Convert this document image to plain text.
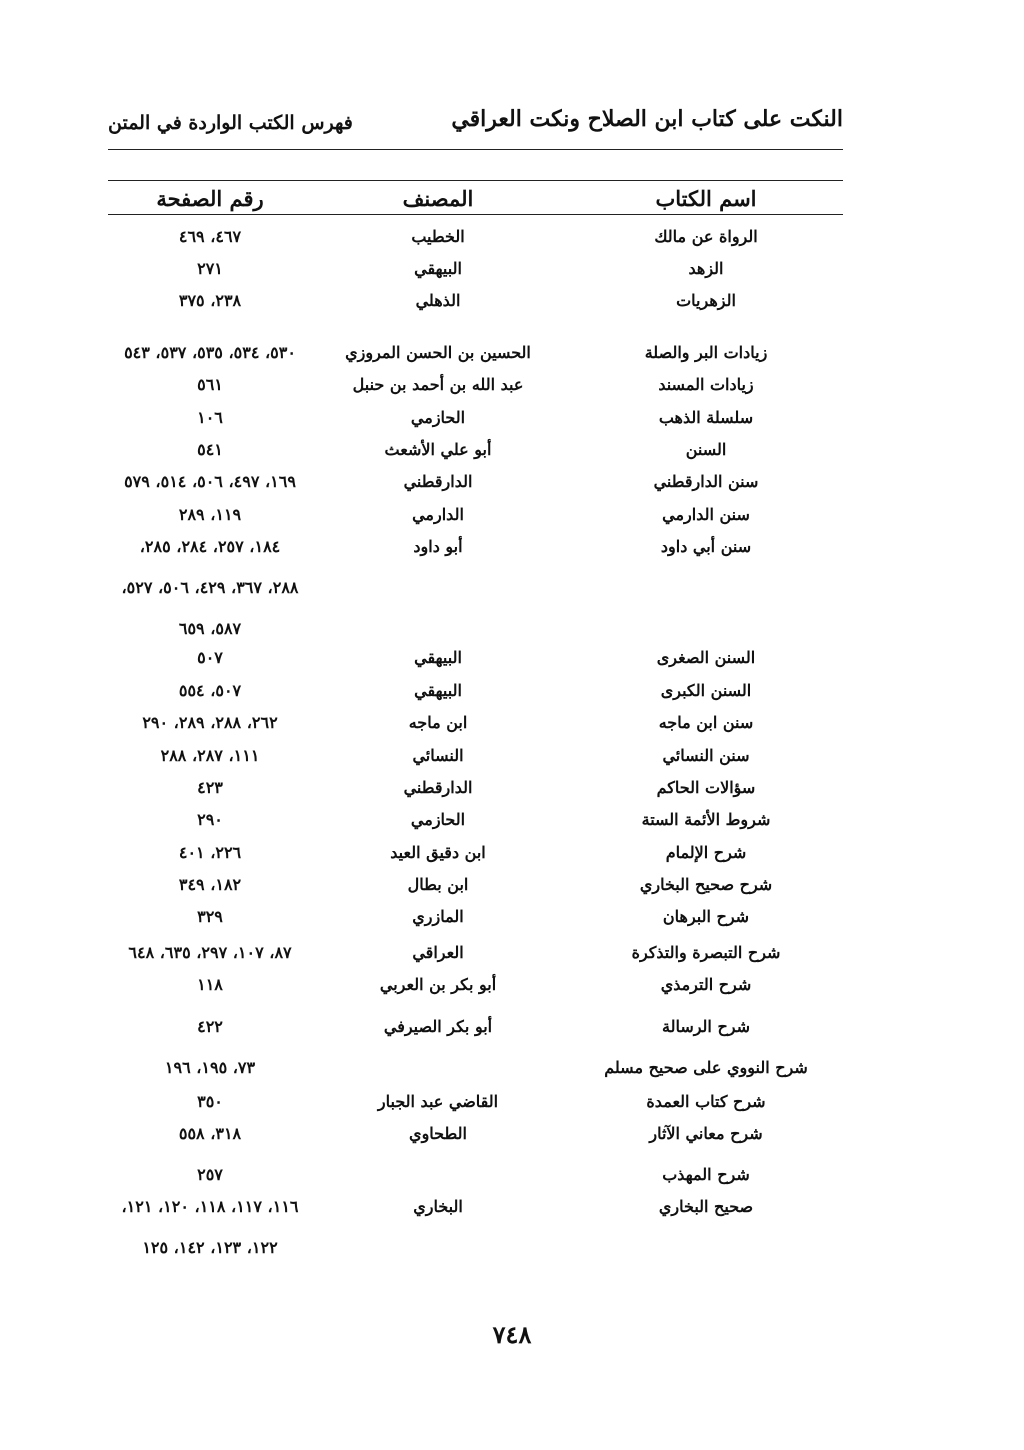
النكت على كتاب ابن الصلاح ونكت العراقي
فهرس الكتب الواردة في المتن
اسم الكتاب
المصنف
رقم الصفحة
الرواة عن مالك
الخطيب
٤٦٧، ٤٦٩
الزهد
البيهقي
٢٧١
الزهريات
الذهلي
٢٣٨، ٣٧٥
زيادات البر والصلة
الحسين بن الحسن المروزي
٥٣٠، ٥٣٤، ٥٣٥، ٥٣٧، ٥٤٣
زيادات المسند
عبد الله بن أحمد بن حنبل
٥٦١
سلسلة الذهب
الحازمي
١٠٦
السنن
أبو علي الأشعث
٥٤١
سنن الدارقطني
الدارقطني
١٦٩، ٤٩٧، ٥٠٦، ٥١٤، ٥٧٩
سنن الدارمي
الدارمي
١١٩، ٢٨٩
سنن أبي داود
أبو داود
١٨٤، ٢٥٧، ٢٨٤، ٢٨٥،
٢٨٨، ٣٦٧، ٤٢٩، ٥٠٦، ٥٢٧،
٥٨٧، ٦٥٩
السنن الصغرى
البيهقي
٥٠٧
السنن الكبرى
البيهقي
٥٠٧، ٥٥٤
سنن ابن ماجه
ابن ماجه
٢٦٢، ٢٨٨، ٢٨٩، ٢٩٠
سنن النسائي
النسائي
١١١، ٢٨٧، ٢٨٨
سؤالات الحاكم
الدارقطني
٤٢٣
شروط الأئمة الستة
الحازمي
٢٩٠
شرح الإلمام
ابن دقيق العيد
٢٢٦، ٤٠١
شرح صحيح البخاري
ابن بطال
١٨٢، ٣٤٩
شرح البرهان
المازري
٣٢٩
شرح التبصرة والتذكرة
العراقي
٨٧، ١٠٧، ٢٩٧، ٦٣٥، ٦٤٨
شرح الترمذي
أبو بكر بن العربي
١١٨
شرح الرسالة
أبو بكر الصيرفي
٤٢٢
شرح النووي على صحيح مسلم
٧٣، ١٩٥، ١٩٦
شرح كتاب العمدة
القاضي عبد الجبار
٣٥٠
شرح معاني الآثار
الطحاوي
٣١٨، ٥٥٨
شرح المهذب
٢٥٧
صحيح البخاري
البخاري
١١٦، ١١٧، ١١٨، ١٢٠، ١٢١،
١٢٢، ١٢٣، ١٤٢، ١٢٥
٧٤٨
